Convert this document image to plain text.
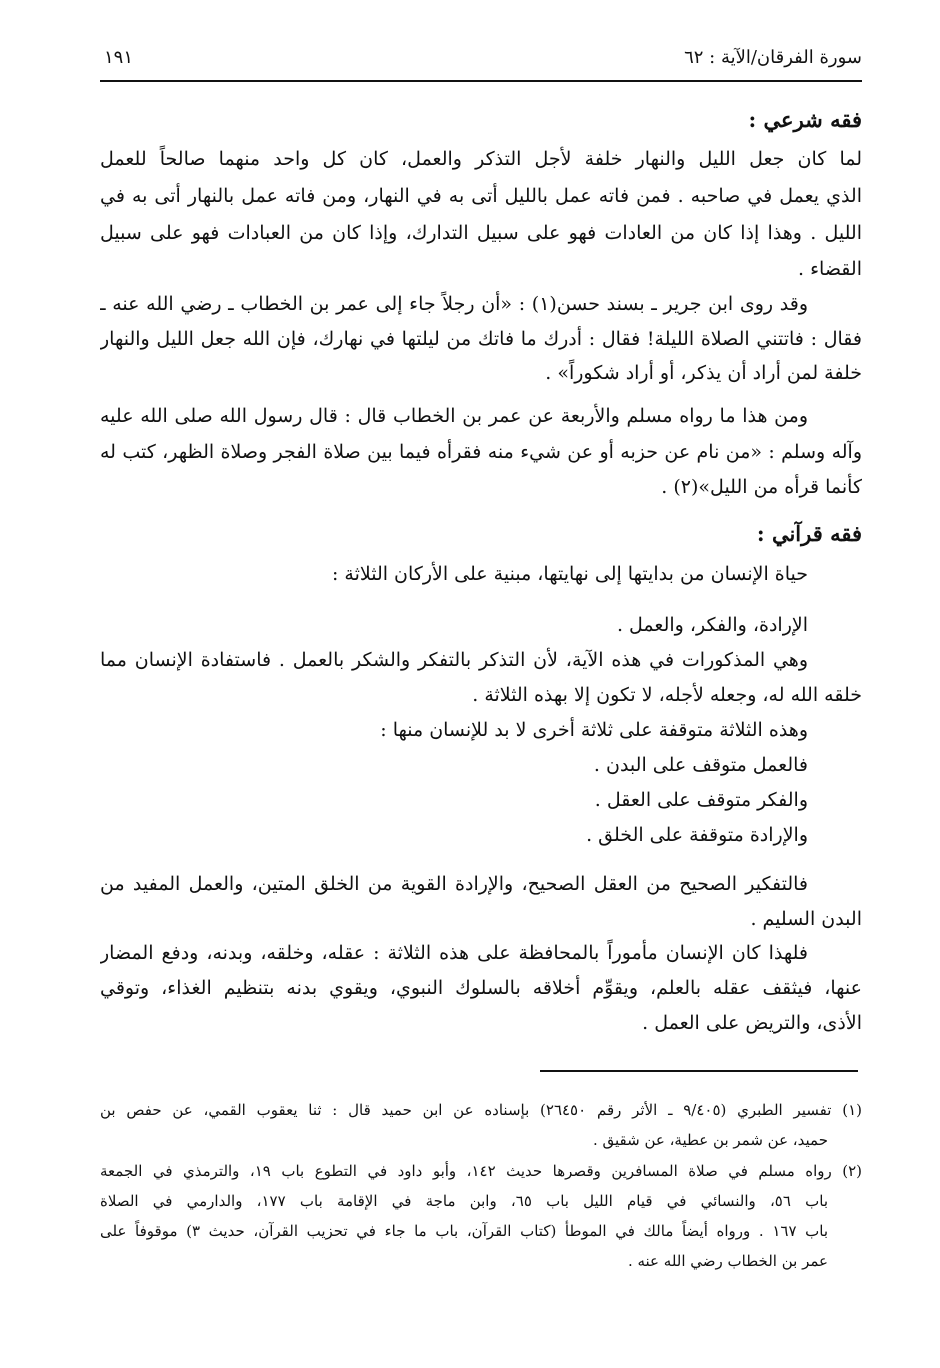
سورة الفرقان/الآية : ٦٢
١٩١
فقه شرعي :
لما كان جعل الليل والنهار خلفة لأجل التذكر والعمل، كان كل واحد منهما صالحاً للعمل
الذي يعمل في صاحبه . فمن فاته عمل بالليل أتى به في النهار، ومن فاته عمل بالنهار أتى به في
الليل . وهذا إذا كان من العادات فهو على سبيل التدارك، وإذا كان من العبادات فهو على سبيل
القضاء .
وقد روى ابن جرير ـ بسند حسن(١) : «أن رجلاً جاء إلى عمر بن الخطاب ـ رضي الله عنه ـ
فقال : فاتتني الصلاة الليلة! فقال : أدرك ما فاتك من ليلتها في نهارك، فإن الله جعل الليل والنهار
خلفة لمن أراد أن يذكر، أو أراد شكوراً» .
ومن هذا ما رواه مسلم والأربعة عن عمر بن الخطاب قال : قال رسول الله صلى الله عليه
وآله وسلم : «من نام عن حزبه أو عن شيء منه فقرأه فيما بين صلاة الفجر وصلاة الظهر، كتب له
كأنما قرأه من الليل»(٢) .
فقه قرآني :
حياة الإنسان من بدايتها إلى نهايتها، مبنية على الأركان الثلاثة :
الإرادة، والفكر، والعمل .
وهي المذكورات في هذه الآية، لأن التذكر بالتفكر والشكر بالعمل . فاستفادة الإنسان مما
خلقه الله له، وجعله لأجله، لا تكون إلا بهذه الثلاثة .
وهذه الثلاثة متوقفة على ثلاثة أخرى لا بد للإنسان منها :
فالعمل متوقف على البدن .
والفكر متوقف على العقل .
والإرادة متوقفة على الخلق .
فالتفكير الصحيح من العقل الصحيح، والإرادة القوية من الخلق المتين، والعمل المفيد من
البدن السليم .
فلهذا كان الإنسان مأموراً بالمحافظة على هذه الثلاثة : عقله، وخلقه، وبدنه، ودفع المضار
عنها، فيثقف عقله بالعلم، ويقوِّم أخلاقه بالسلوك النبوي، ويقوي بدنه بتنظيم الغذاء، وتوقي
الأذى، والتريض على العمل .
(١) تفسير الطبري (٩/٤٠٥ ـ الأثر رقم ٢٦٤٥٠) بإسناده عن ابن حميد قال : ثنا يعقوب القمي، عن حفص بن
حميد، عن شمر بن عطية، عن شقيق .
(٢) رواه مسلم في صلاة المسافرين وقصرها حديث ١٤٢، وأبو داود في التطوع باب ١٩، والترمذي في الجمعة
باب ٥٦، والنسائي في قيام الليل باب ٦٥، وابن ماجة في الإقامة باب ١٧٧، والدارمي في الصلاة
باب ١٦٧ . ورواه أيضاً مالك في الموطأ (كتاب القرآن، باب ما جاء في تحزيب القرآن، حديث ٣) موقوفاً على
عمر بن الخطاب رضي الله عنه .
